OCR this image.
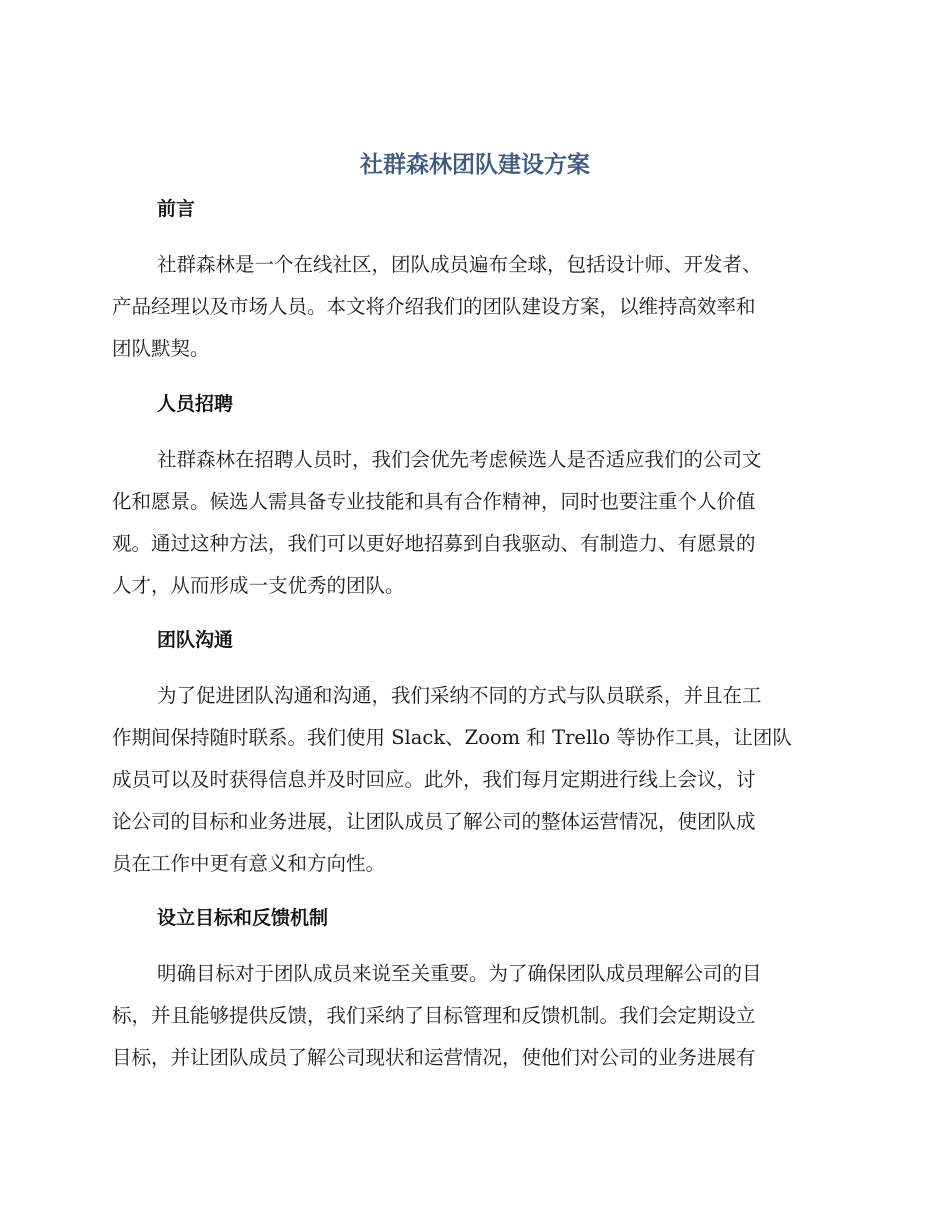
社群森林团队建设方案
前言
社群森林是一个在线社区，团队成员遍布全球，包括设计师、开发者、
产品经理以及市场人员。本文将介绍我们的团队建设方案，以维持高效率和
团队默契。
人员招聘
社群森林在招聘人员时，我们会优先考虑候选人是否适应我们的公司文
化和愿景。候选人需具备专业技能和具有合作精神，同时也要注重个人价值
观。通过这种方法，我们可以更好地招募到自我驱动、有制造力、有愿景的
人才，从而形成一支优秀的团队。
团队沟通
为了促进团队沟通和沟通，我们采纳不同的方式与队员联系，并且在工
作期间保持随时联系。我们使用 Slack、Zoom 和 Trello 等协作工具，让团队
成员可以及时获得信息并及时回应。此外，我们每月定期进行线上会议，讨
论公司的目标和业务进展，让团队成员了解公司的整体运营情况，使团队成
员在工作中更有意义和方向性。
设立目标和反馈机制
明确目标对于团队成员来说至关重要。为了确保团队成员理解公司的目
标，并且能够提供反馈，我们采纳了目标管理和反馈机制。我们会定期设立
目标，并让团队成员了解公司现状和运营情况，使他们对公司的业务进展有
